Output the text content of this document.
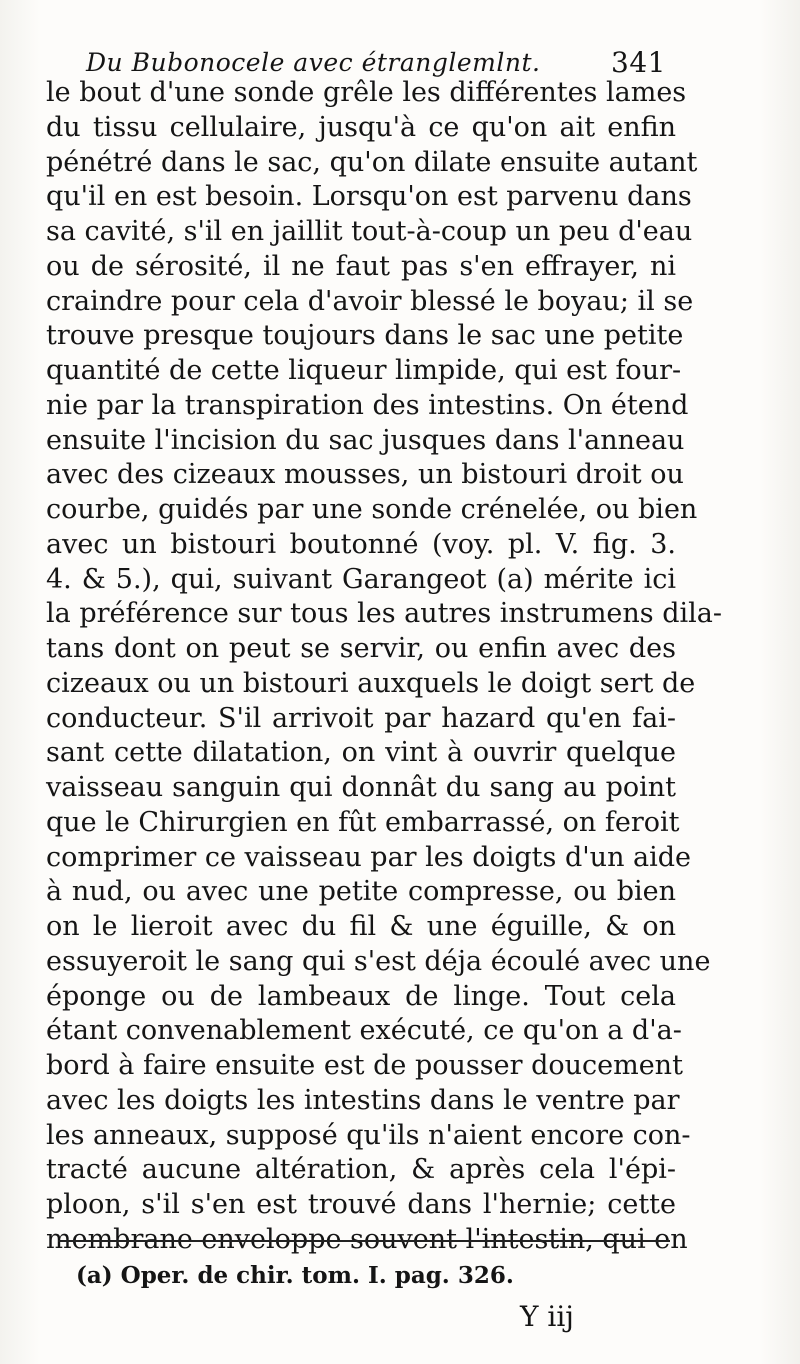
Du Bubonocele avec étranglemlnt.	341
le bout d'une sonde grêle les différentes lames
du tissu cellulaire, jusqu'à ce qu'on ait enfin
pénétré dans le sac, qu'on dilate ensuite autant
qu'il en est besoin. Lorsqu'on est parvenu dans
sa cavité, s'il en jaillit tout-à-coup un peu d'eau
ou de sérosité, il ne faut pas s'en effrayer, ni
craindre pour cela d'avoir blessé le boyau; il se
trouve presque toujours dans le sac une petite
quantité de cette liqueur limpide, qui est four-
nie par la transpiration des intestins. On étend
ensuite l'incision du sac jusques dans l'anneau
avec des cizeaux mousses, un bistouri droit ou
courbe, guidés par une sonde crénelée, ou bien
avec un bistouri boutonné (voy. pl. V. fig. 3.
4. & 5.), qui, suivant Garangeot (a) mérite ici
la préférence sur tous les autres instrumens dila-
tans dont on peut se servir, ou enfin avec des
cizeaux ou un bistouri auxquels le doigt sert de
conducteur. S'il arrivoit par hazard qu'en fai-
sant cette dilatation, on vint à ouvrir quelque
vaisseau sanguin qui donnât du sang au point
que le Chirurgien en fût embarrassé, on feroit
comprimer ce vaisseau par les doigts d'un aide
à nud, ou avec une petite compresse, ou bien
on le lieroit avec du fil & une éguille, & on
essuyeroit le sang qui s'est déja écoulé avec une
éponge ou de lambeaux de linge. Tout cela
étant convenablement exécuté, ce qu'on a d'a-
bord à faire ensuite est de pousser doucement
avec les doigts les intestins dans le ventre par
les anneaux, supposé qu'ils n'aient encore con-
tracté aucune altération, & après cela l'épi-
ploon, s'il s'en est trouvé dans l'hernie; cette
membrane enveloppe souvent l'intestin, qui en
(a) Oper. de chir. tom. I. pag. 326.
Y iij
